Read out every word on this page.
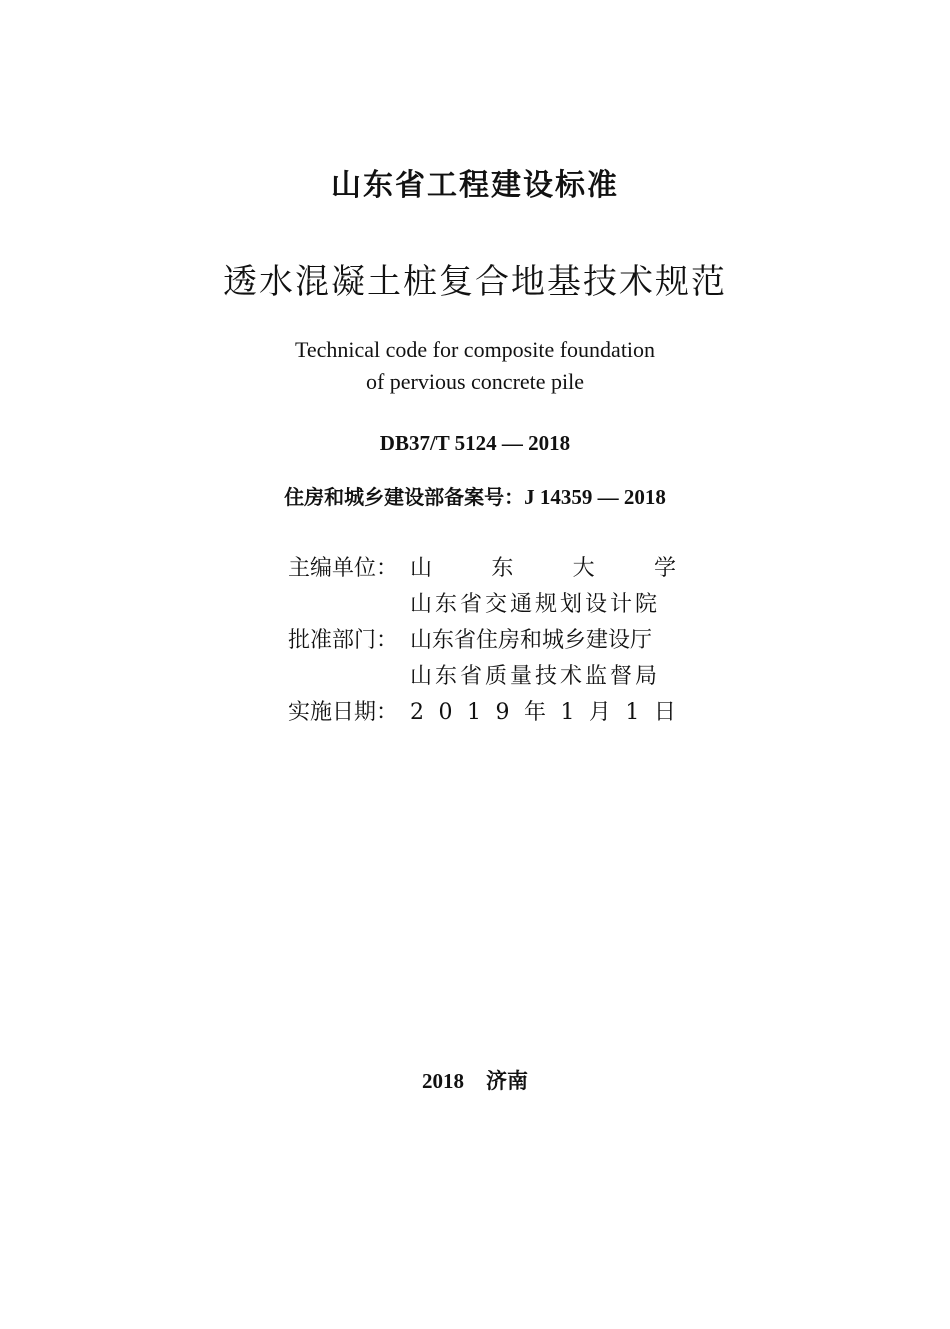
山东省工程建设标准
透水混凝土桩复合地基技术规范
Technical code for composite foundation
of pervious concrete pile
DB37/T 5124 — 2018
住房和城乡建设部备案号：J 14359 — 2018
主编单位： 山	东	大	学
山东省交通规划设计院
批准部门： 山东省住房和城乡建设厅
山东省质量技术监督局
实施日期： 2 0 1 9 年 1 月 1 日
2018 济南
